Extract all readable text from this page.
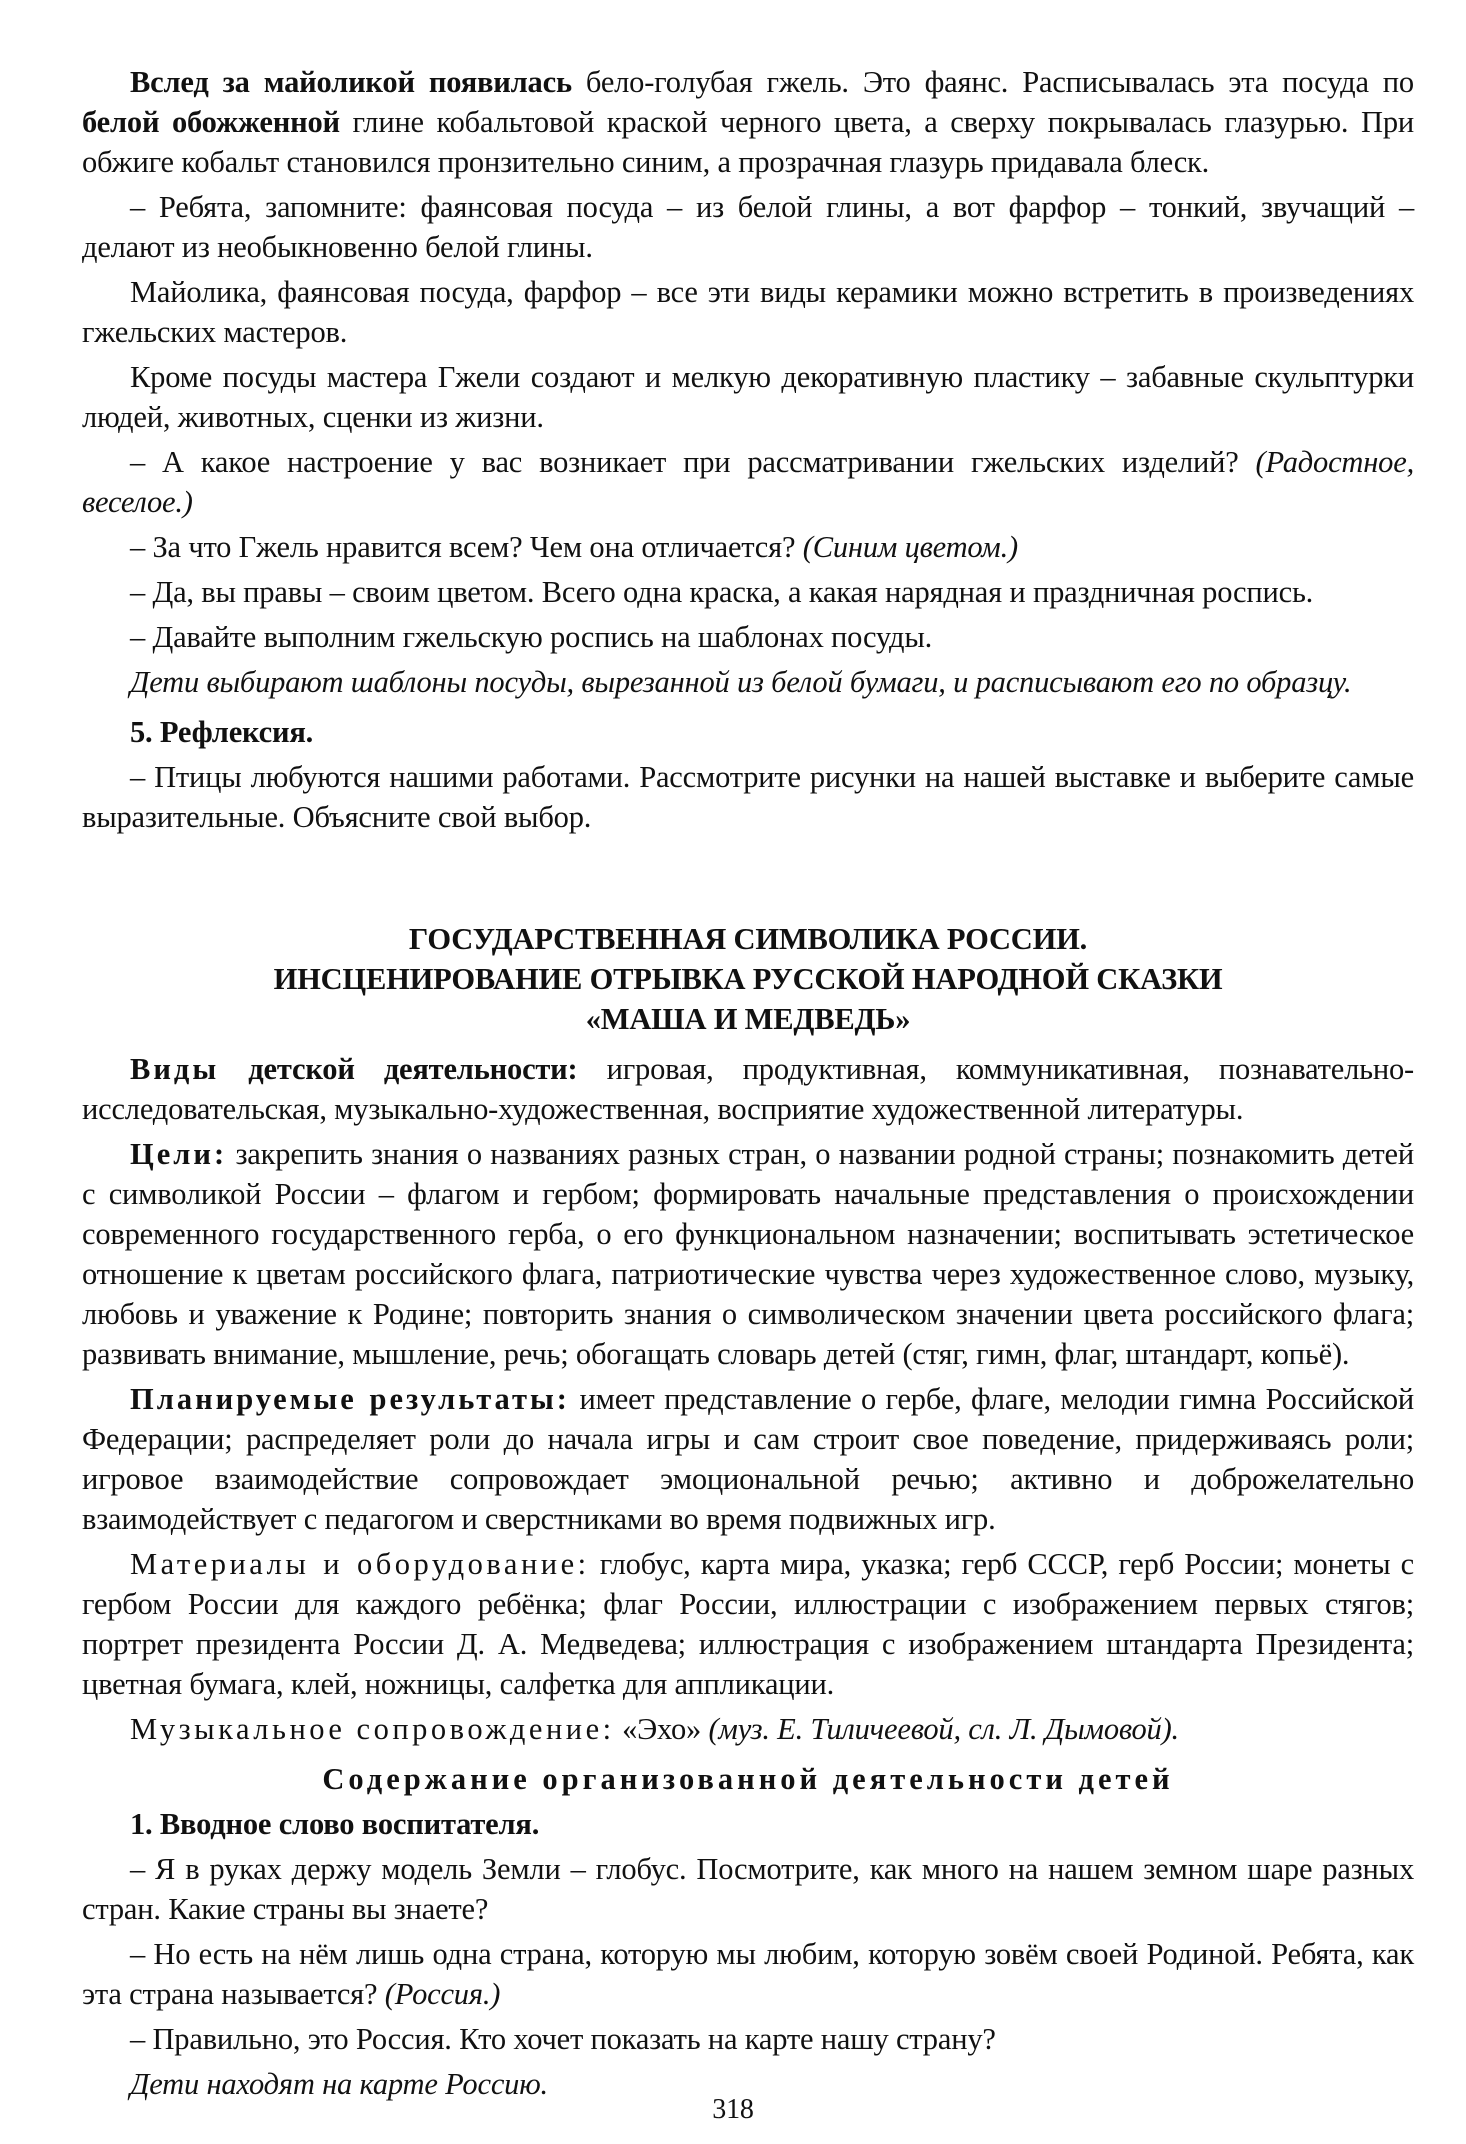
Вслед за майоликой появилась бело-голубая гжель. Это фаянс. Расписывалась эта посуда по белой обожженной глине кобальтовой краской черного цвета, а сверху покрывалась глазурью. При обжиге кобальт становился пронзительно синим, а прозрачная глазурь придавала блеск.

– Ребята, запомните: фаянсовая посуда – из белой глины, а вот фарфор – тонкий, звучащий – делают из необыкновенно белой глины.

Майолика, фаянсовая посуда, фарфор – все эти виды керамики можно встретить в произведениях гжельских мастеров.

Кроме посуды мастера Гжели создают и мелкую декоративную пластику – забавные скульптурки людей, животных, сценки из жизни.

– А какое настроение у вас возникает при рассматривании гжельских изделий? (Радостное, веселое.)

– За что Гжель нравится всем? Чем она отличается? (Синим цветом.)

– Да, вы правы – своим цветом. Всего одна краска, а какая нарядная и праздничная роспись.

– Давайте выполним гжельскую роспись на шаблонах посуды.

Дети выбирают шаблоны посуды, вырезанной из белой бумаги, и расписывают его по образцу.

5. Рефлексия.

– Птицы любуются нашими работами. Рассмотрите рисунки на нашей выставке и выберите самые выразительные. Объясните свой выбор.

ГОСУДАРСТВЕННАЯ СИМВОЛИКА РОССИИ.
ИНСЦЕНИРОВАНИЕ ОТРЫВКА РУССКОЙ НАРОДНОЙ СКАЗКИ
«МАША И МЕДВЕДЬ»

Виды детской деятельности: игровая, продуктивная, коммуникативная, познавательно-исследовательская, музыкально-художественная, восприятие художественной литературы.

Цели: закрепить знания о названиях разных стран, о названии родной страны; познакомить детей с символикой России – флагом и гербом; формировать начальные представления о происхождении современного государственного герба, о его функциональном назначении; воспитывать эстетическое отношение к цветам российского флага, патриотические чувства через художественное слово, музыку, любовь и уважение к Родине; повторить знания о символическом значении цвета российского флага; развивать внимание, мышление, речь; обогащать словарь детей (стяг, гимн, флаг, штандарт, копьё).

Планируемые результаты: имеет представление о гербе, флаге, мелодии гимна Российской Федерации; распределяет роли до начала игры и сам строит свое поведение, придерживаясь роли; игровое взаимодействие сопровождает эмоциональной речью; активно и доброжелательно взаимодействует с педагогом и сверстниками во время подвижных игр.

Материалы и оборудование: глобус, карта мира, указка; герб СССР, герб России; монеты с гербом России для каждого ребёнка; флаг России, иллюстрации с изображением первых стягов; портрет президента России Д. А. Медведева; иллюстрация с изображением штандарта Президента; цветная бумага, клей, ножницы, салфетка для аппликации.

Музыкальное сопровождение: «Эхо» (муз. Е. Тиличеевой, сл. Л. Дымовой).

Содержание организованной деятельности детей

1. Вводное слово воспитателя.

– Я в руках держу модель Земли – глобус. Посмотрите, как много на нашем земном шаре разных стран. Какие страны вы знаете?

– Но есть на нём лишь одна страна, которую мы любим, которую зовём своей Родиной. Ребята, как эта страна называется? (Россия.)

– Правильно, это Россия. Кто хочет показать на карте нашу страну?

Дети находят на карте Россию.

318
